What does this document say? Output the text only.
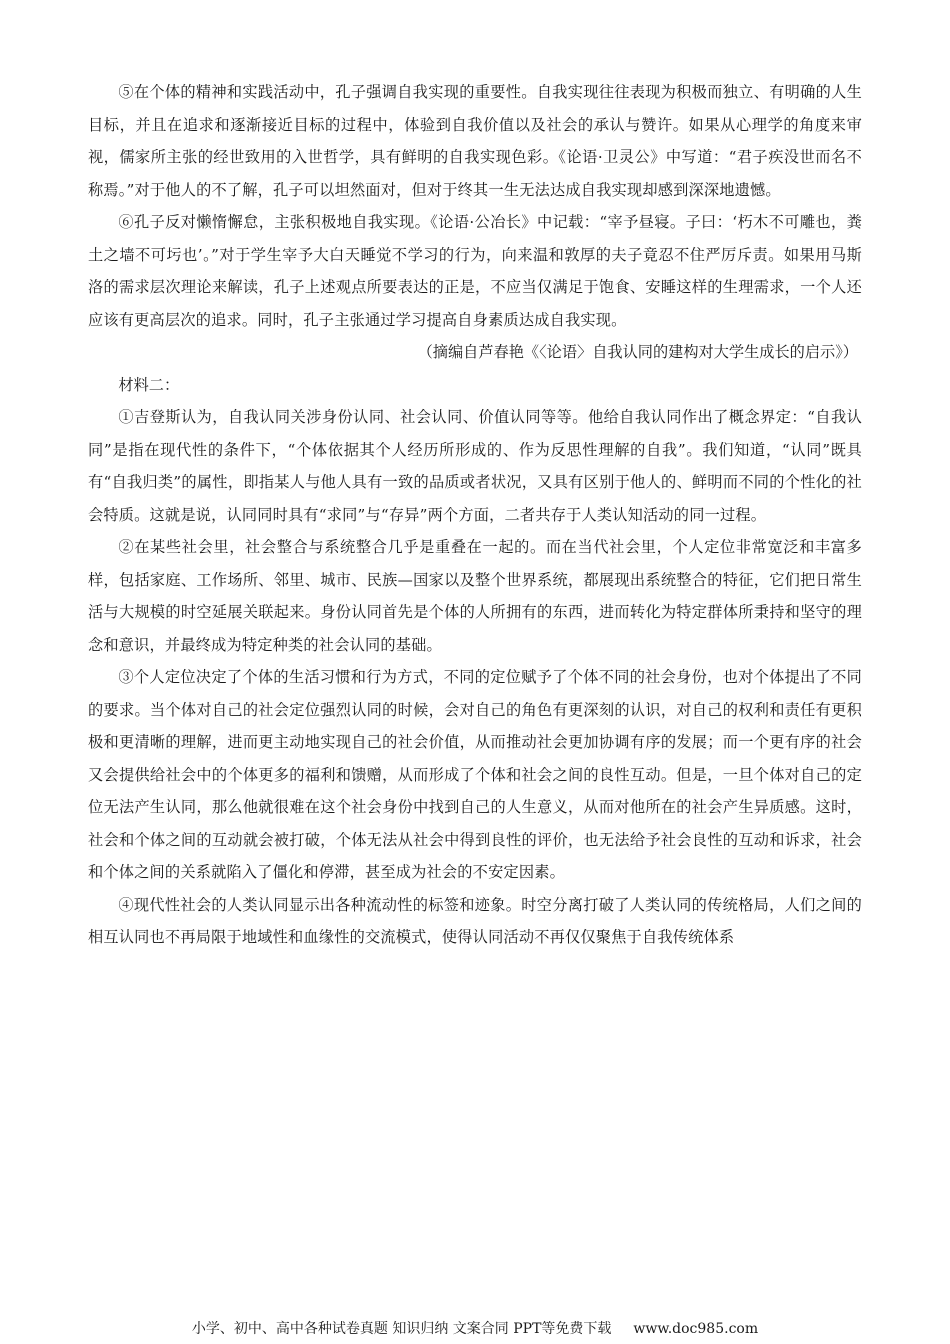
⑤在个体的精神和实践活动中，孔子强调自我实现的重要性。自我实现往往表现为积极而独立、有明确的人生目标，并且在追求和逐渐接近目标的过程中，体验到自我价值以及社会的承认与赞许。如果从心理学的角度来审视，儒家所主张的经世致用的入世哲学，具有鲜明的自我实现色彩。《论语·卫灵公》中写道：“君子疾没世而名不称焉。”对于他人的不了解，孔子可以坦然面对，但对于终其一生无法达成自我实现却感到深深地遗憾。

⑥孔子反对懒惰懈怠，主张积极地自我实现。《论语·公冶长》中记载：“宰予昼寝。子曰：‘朽木不可雕也，粪土之墙不可圬也’。”对于学生宰予大白天睡觉不学习的行为，向来温和敦厚的夫子竟忍不住严厉斥责。如果用马斯洛的需求层次理论来解读，孔子上述观点所要表达的正是，不应当仅满足于饱食、安睡这样的生理需求，一个人还应该有更高层次的追求。同时，孔子主张通过学习提高自身素质达成自我实现。

（摘编自芦春艳《〈论语〉自我认同的建构对大学生成长的启示》）

材料二：

①吉登斯认为，自我认同关涉身份认同、社会认同、价值认同等等。他给自我认同作出了概念界定：“自我认同”是指在现代性的条件下，“个体依据其个人经历所形成的、作为反思性理解的自我”。我们知道，“认同”既具有“自我归类”的属性，即指某人与他人具有一致的品质或者状况，又具有区别于他人的、鲜明而不同的个性化的社会特质。这就是说，认同同时具有“求同”与“存异”两个方面，二者共存于人类认知活动的同一过程。

②在某些社会里，社会整合与系统整合几乎是重叠在一起的。而在当代社会里，个人定位非常宽泛和丰富多样，包括家庭、工作场所、邻里、城市、民族—国家以及整个世界系统，都展现出系统整合的特征，它们把日常生活与大规模的时空延展关联起来。身份认同首先是个体的人所拥有的东西，进而转化为特定群体所秉持和坚守的理念和意识，并最终成为特定种类的社会认同的基础。

③个人定位决定了个体的生活习惯和行为方式，不同的定位赋予了个体不同的社会身份，也对个体提出了不同的要求。当个体对自己的社会定位强烈认同的时候，会对自己的角色有更深刻的认识，对自己的权利和责任有更积极和更清晰的理解，进而更主动地实现自己的社会价值，从而推动社会更加协调有序的发展；而一个更有序的社会又会提供给社会中的个体更多的福利和馈赠，从而形成了个体和社会之间的良性互动。但是，一旦个体对自己的定位无法产生认同，那么他就很难在这个社会身份中找到自己的人生意义，从而对他所在的社会产生异质感。这时，社会和个体之间的互动就会被打破，个体无法从社会中得到良性的评价，也无法给予社会良性的互动和诉求，社会和个体之间的关系就陷入了僵化和停滞，甚至成为社会的不安定因素。

④现代性社会的人类认同显示出各种流动性的标签和迹象。时空分离打破了人类认同的传统格局，人们之间的相互认同也不再局限于地域性和血缘性的交流模式，使得认同活动不再仅仅聚焦于自我传统体系

小学、初中、高中各种试卷真题 知识归纳 文案合同 PPT等免费下载 www.doc985.com
